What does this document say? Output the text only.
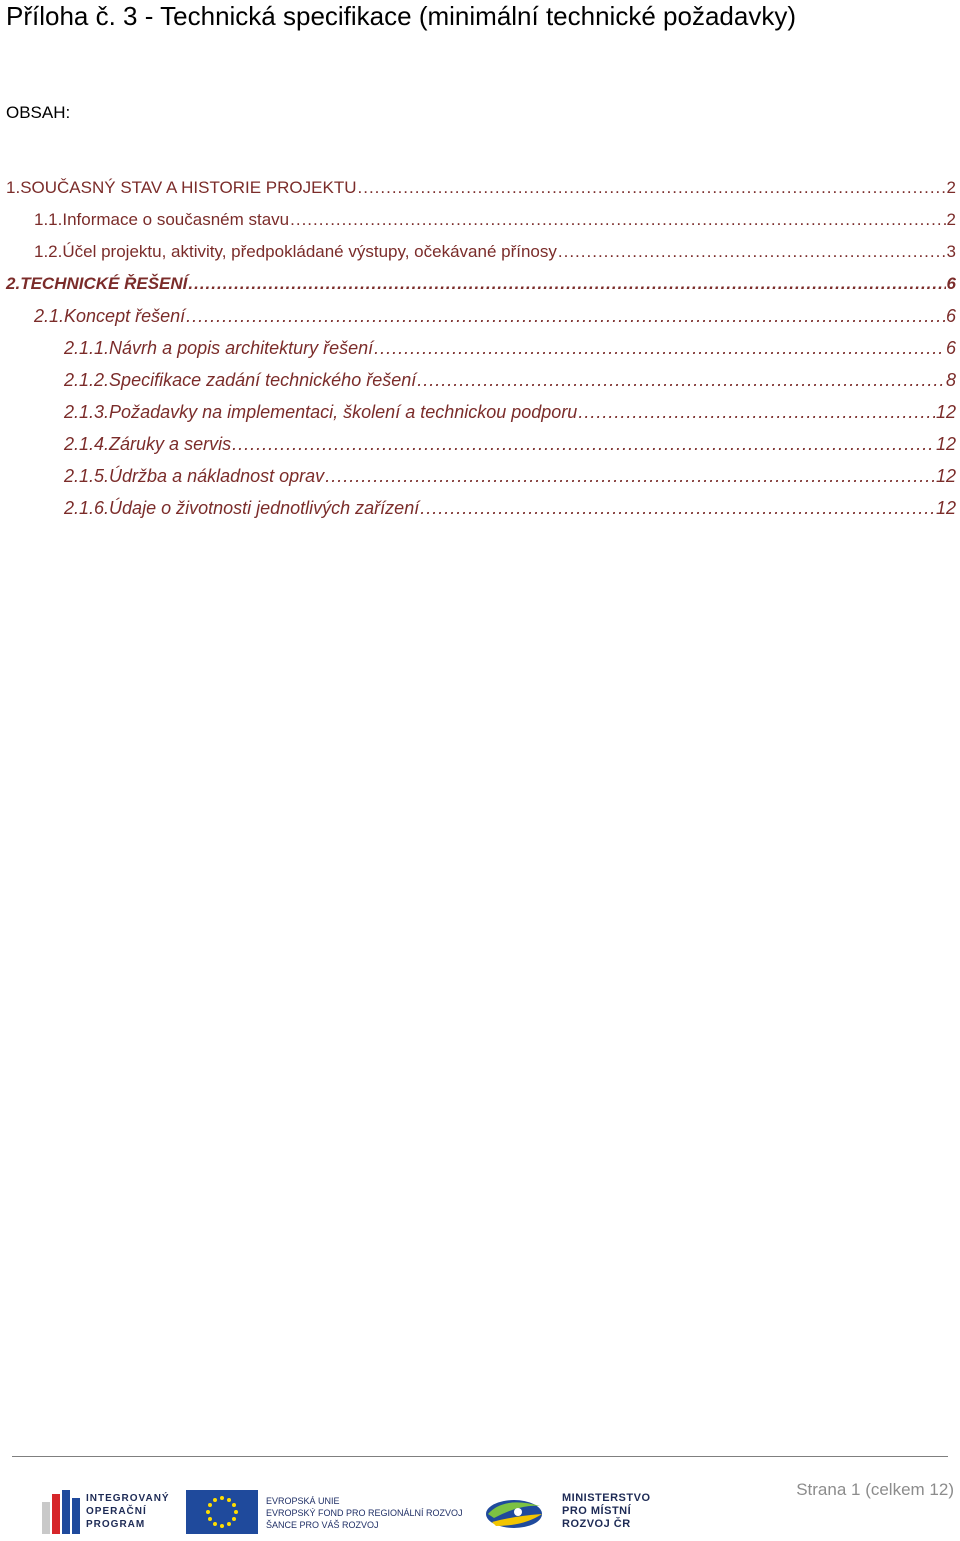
Příloha č. 3 - Technická specifikace (minimální technické požadavky)
OBSAH:
1. SOUČASNÝ STAV A HISTORIE PROJEKTU .....	2
1.1. Informace o současném stavu .....	2
1.2. Účel projektu, aktivity, předpokládané výstupy, očekávané přínosy .....	3
2. TECHNICKÉ ŘEŠENÍ .....	6
2.1. Koncept řešení .....	6
2.1.1. Návrh a popis architektury řešení .....	6
2.1.2. Specifikace zadání technického řešení .....	8
2.1.3. Požadavky na implementaci, školení a technickou podporu .....	12
2.1.4. Záruky a servis .....	12
2.1.5. Údržba a nákladnost oprav .....	12
2.1.6. Údaje o životnosti jednotlivých zařízení .....	12
Strana 1 (celkem 12)
INTEGROVANÝ
OPERAČNÍ
PROGRAM
EVROPSKÁ UNIE
EVROPSKÝ FOND PRO REGIONÁLNÍ ROZVOJ
ŠANCE PRO VÁŠ ROZVOJ
MINISTERSTVO
PRO MÍSTNÍ
ROZVOJ ČR
